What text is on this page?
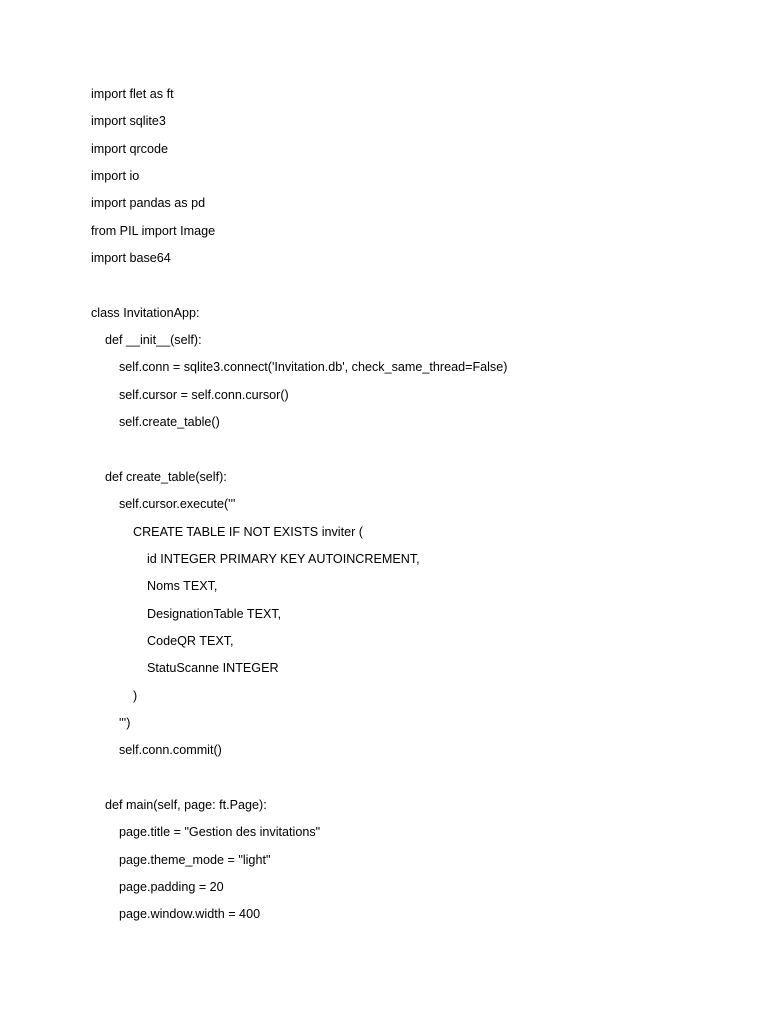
import flet as ft
import sqlite3
import qrcode
import io
import pandas as pd
from PIL import Image
import base64
class InvitationApp:
def __init__(self):
self.conn = sqlite3.connect('Invitation.db', check_same_thread=False)
self.cursor = self.conn.cursor()
self.create_table()
def create_table(self):
self.cursor.execute('''
CREATE TABLE IF NOT EXISTS inviter (
id INTEGER PRIMARY KEY AUTOINCREMENT,
Noms TEXT,
DesignationTable TEXT,
CodeQR TEXT,
StatuScanne INTEGER
)
''')
self.conn.commit()
def main(self, page: ft.Page):
page.title = "Gestion des invitations"
page.theme_mode = "light"
page.padding = 20
page.window.width = 400
